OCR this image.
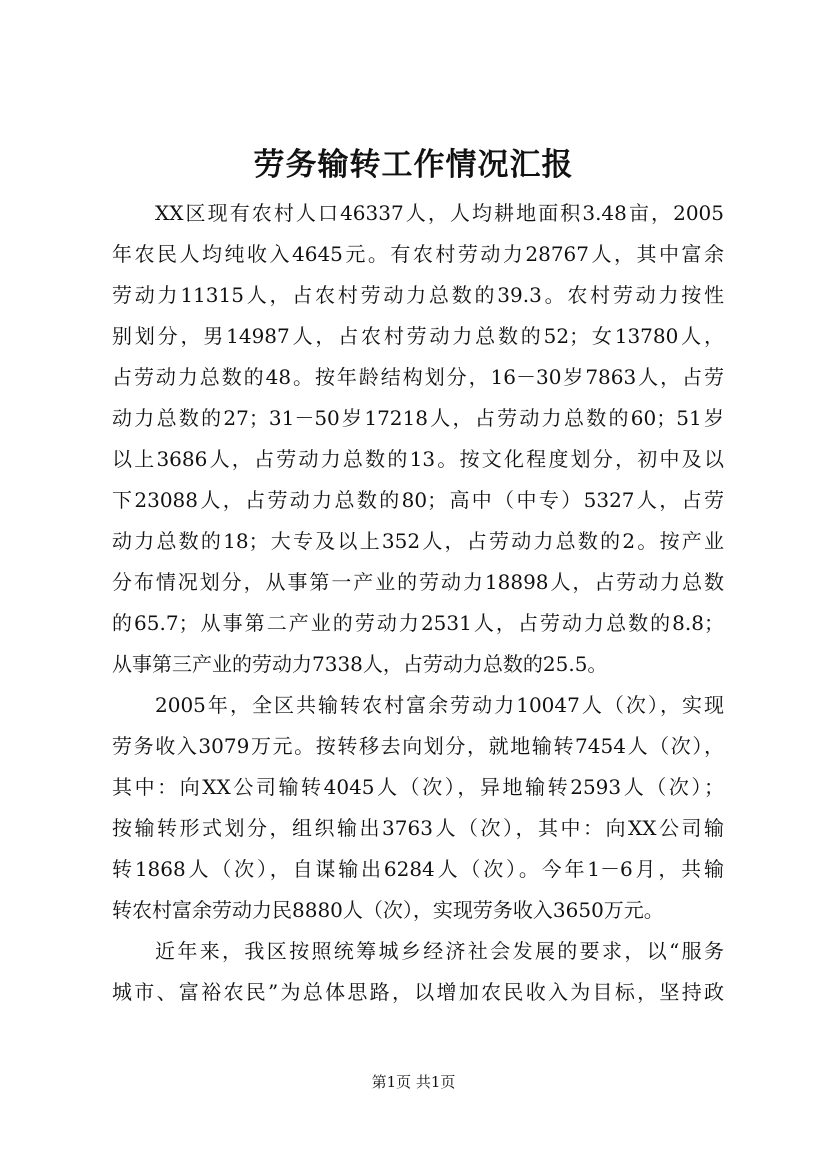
劳务输转工作情况汇报
XX区现有农村人口46337人，人均耕地面积3.48亩，2005
年农民人均纯收入4645元。有农村劳动力28767人，其中富余
劳动力11315人，占农村劳动力总数的39.3。农村劳动力按性
别划分，男14987人，占农村劳动力总数的52；女13780人，
占劳动力总数的48。按年龄结构划分，16－30岁7863人，占劳
动力总数的27；31－50岁17218人，占劳动力总数的60；51岁
以上3686人，占劳动力总数的13。按文化程度划分，初中及以
下23088人，占劳动力总数的80；高中（中专）5327人，占劳
动力总数的18；大专及以上352人，占劳动力总数的2。按产业
分布情况划分，从事第一产业的劳动力18898人，占劳动力总数
的65.7；从事第二产业的劳动力2531人，占劳动力总数的8.8；
从事第三产业的劳动力7338人，占劳动力总数的25.5。
2005年，全区共输转农村富余劳动力10047人（次），实现
劳务收入3079万元。按转移去向划分，就地输转7454人（次），
其中：向XX公司输转4045人（次），异地输转2593人（次）；
按输转形式划分，组织输出3763人（次），其中：向XX公司输
转1868人（次），自谋输出6284人（次）。今年1－6月，共输
转农村富余劳动力民8880人（次），实现劳务收入3650万元。
近年来，我区按照统筹城乡经济社会发展的要求，以“服务
城市、富裕农民”为总体思路，以增加农民收入为目标，坚持政
第1页 共1页
